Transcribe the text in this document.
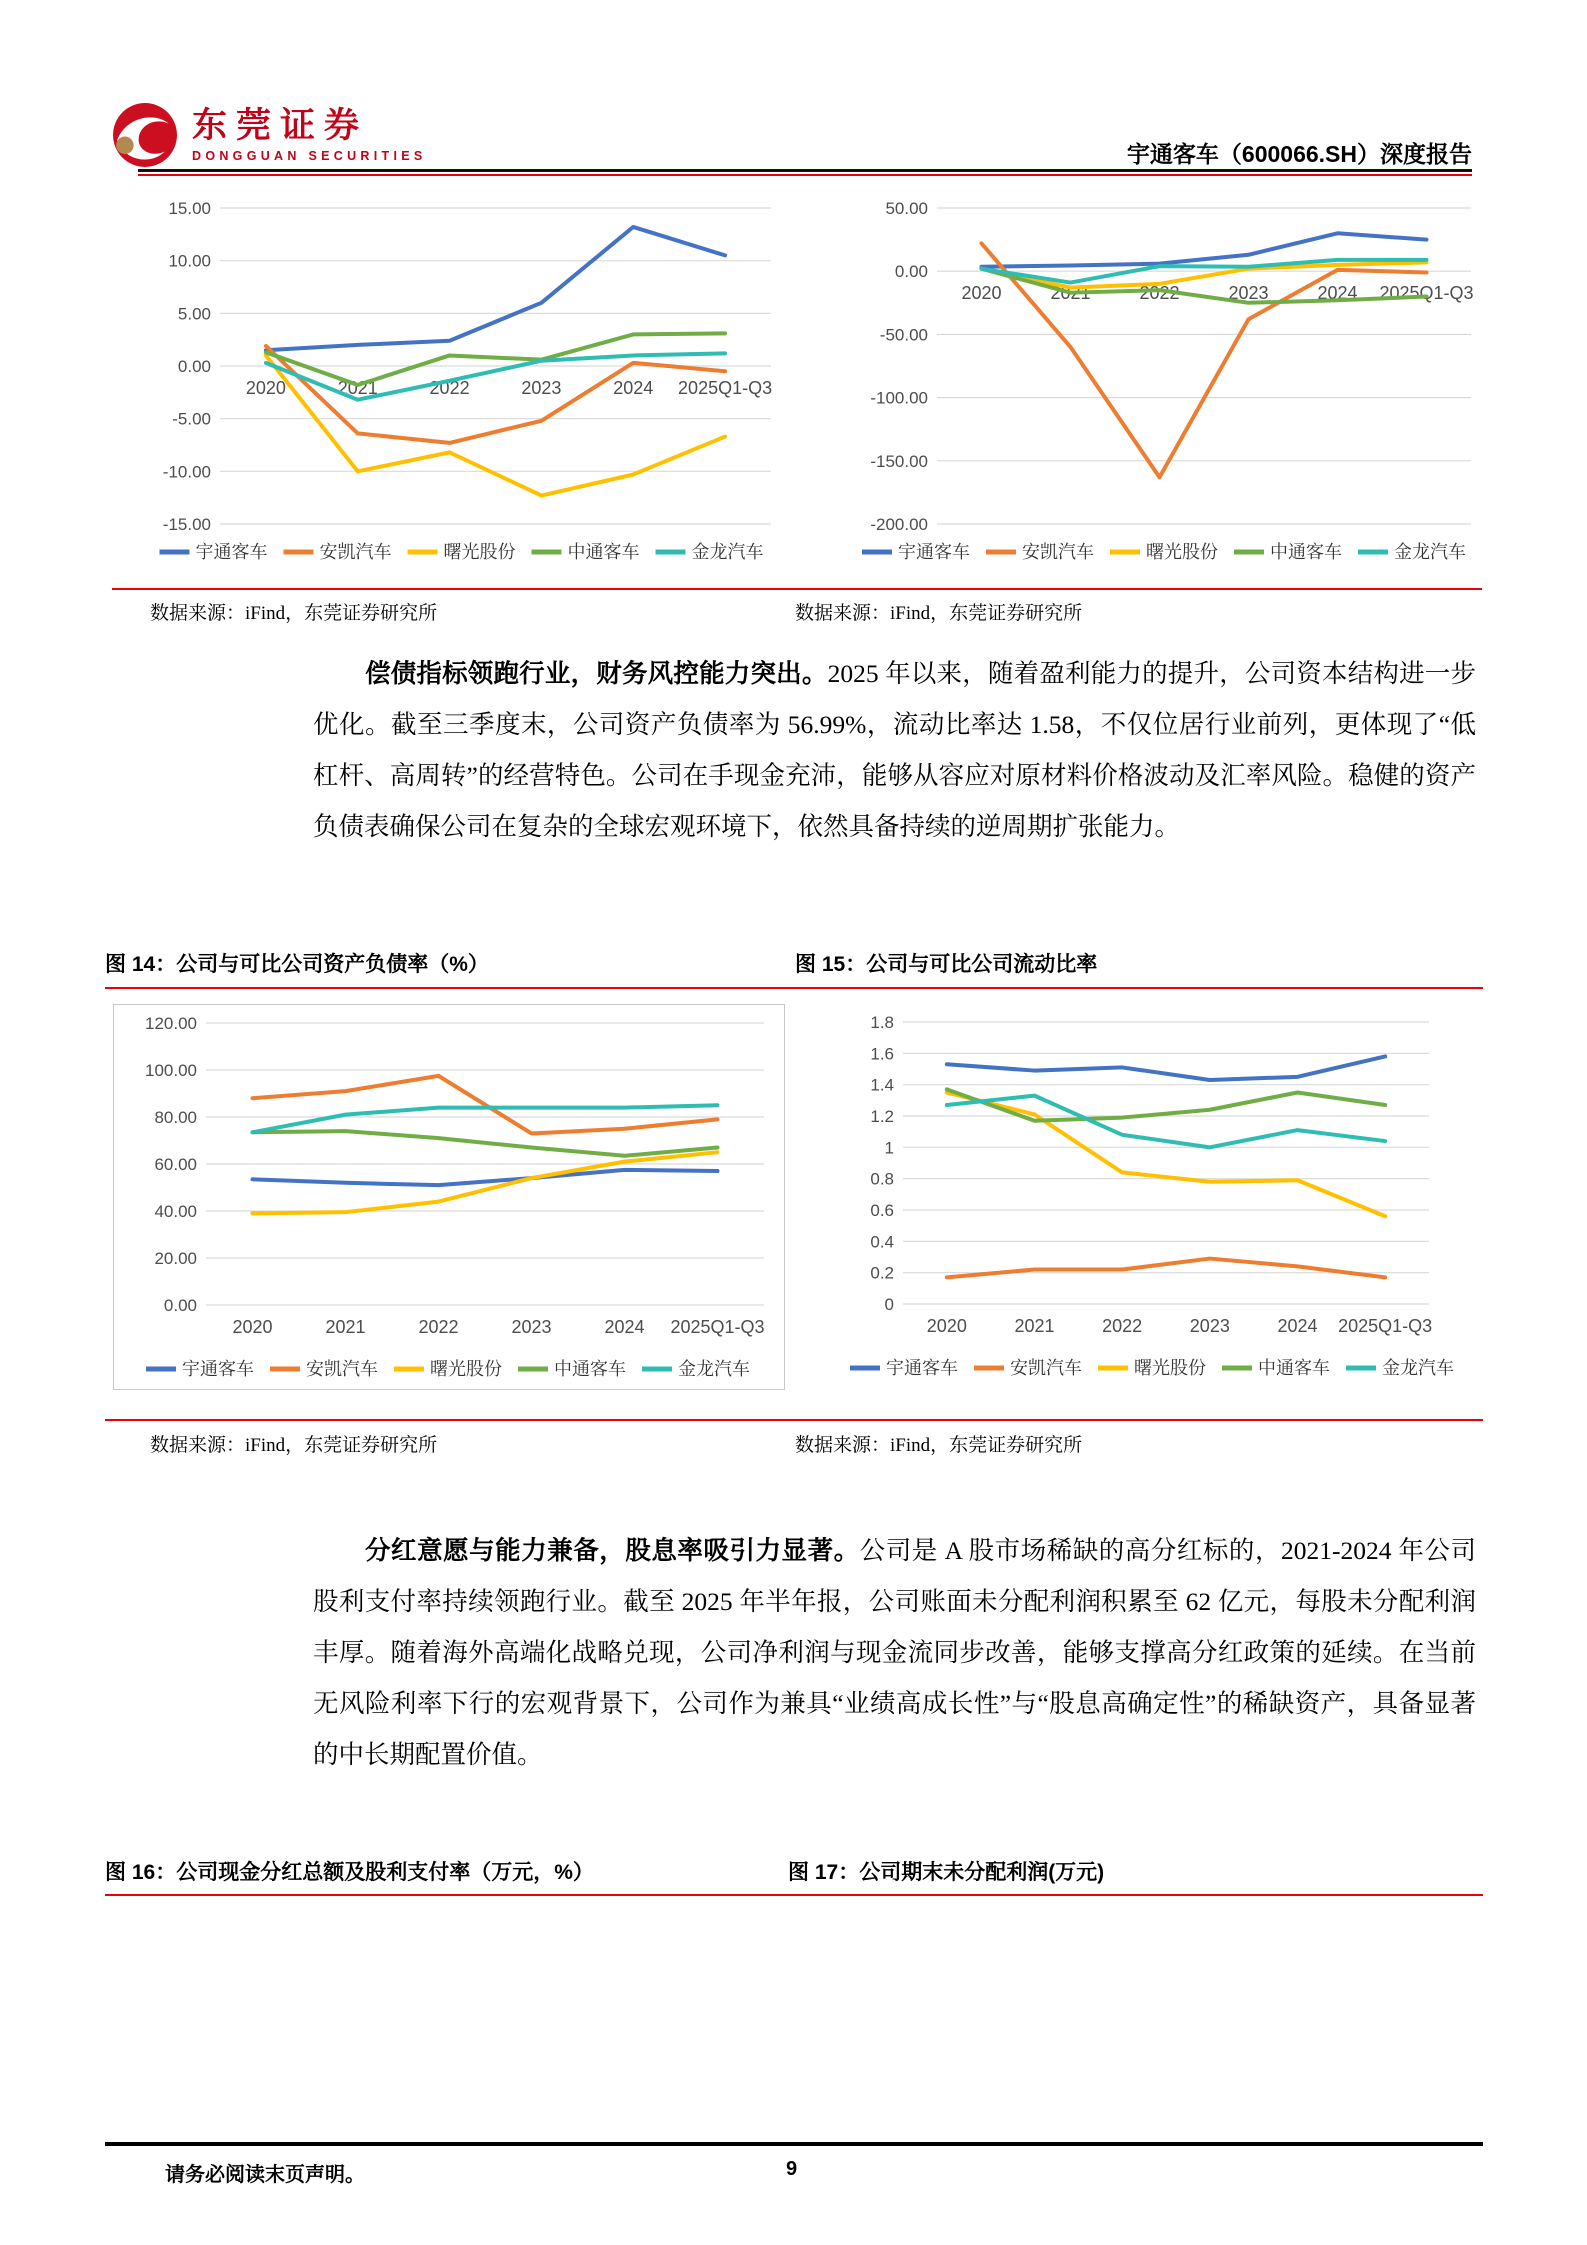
东莞证券
DONGGUAN SECURITIES	宇通客车（600066.SH）深度报告
-15.00
-10.00
-5.00
0.00
5.00
10.00
15.00
2020	2021	2022	2023	2024 2025Q1-Q3
宇通客车	安凯汽车	曙光股份	中通客车	金龙汽车
-200.00
-150.00
-100.00
-50.00
0.00
50.00
2020	2021	2022	2023	2024 2025Q1-Q3
宇通客车	安凯汽车	曙光股份	中通客车	金龙汽车
数据来源：iFind，东莞证券研究所	数据来源：iFind，东莞证券研究所

偿债指标领跑行业，财务风控能力突出。2025 年以来，随着盈利能力的提升，公司资本结构进一步优化。截至三季度末，公司资产负债率为 56.99%，流动比率达 1.58，不仅位居行业前列，更体现了“低杠杆、高周转”的经营特色。公司在手现金充沛，能够从容应对原材料价格波动及汇率风险。稳健的资产负债表确保公司在复杂的全球宏观环境下，依然具备持续的逆周期扩张能力。

图 14：公司与可比公司资产负债率（%）	图 15：公司与可比公司流动比率
0.00
20.00
40.00
60.00
80.00
100.00
120.00
2020	2021	2022	2023	2024 2025Q1-Q3
宇通客车	安凯汽车	曙光股份	中通客车	金龙汽车
0
0.2
0.4
0.6
0.8
1
1.2
1.4
1.6
1.8
2020	2021	2022	2023	2024 2025Q1-Q3
宇通客车	安凯汽车	曙光股份	中通客车	金龙汽车
数据来源：iFind，东莞证券研究所	数据来源：iFind，东莞证券研究所

分红意愿与能力兼备，股息率吸引力显著。公司是 A 股市场稀缺的高分红标的，2021-2024 年公司股利支付率持续领跑行业。截至 2025 年半年报，公司账面未分配利润积累至 62 亿元，每股未分配利润丰厚。随着海外高端化战略兑现，公司净利润与现金流同步改善，能够支撑高分红政策的延续。在当前无风险利率下行的宏观背景下，公司作为兼具“业绩高成长性”与“股息高确定性”的稀缺资产，具备显著的中长期配置价值。

图 16：公司现金分红总额及股利支付率（万元，%）	图 17：公司期末未分配利润(万元)
请务必阅读末页声明。	9
